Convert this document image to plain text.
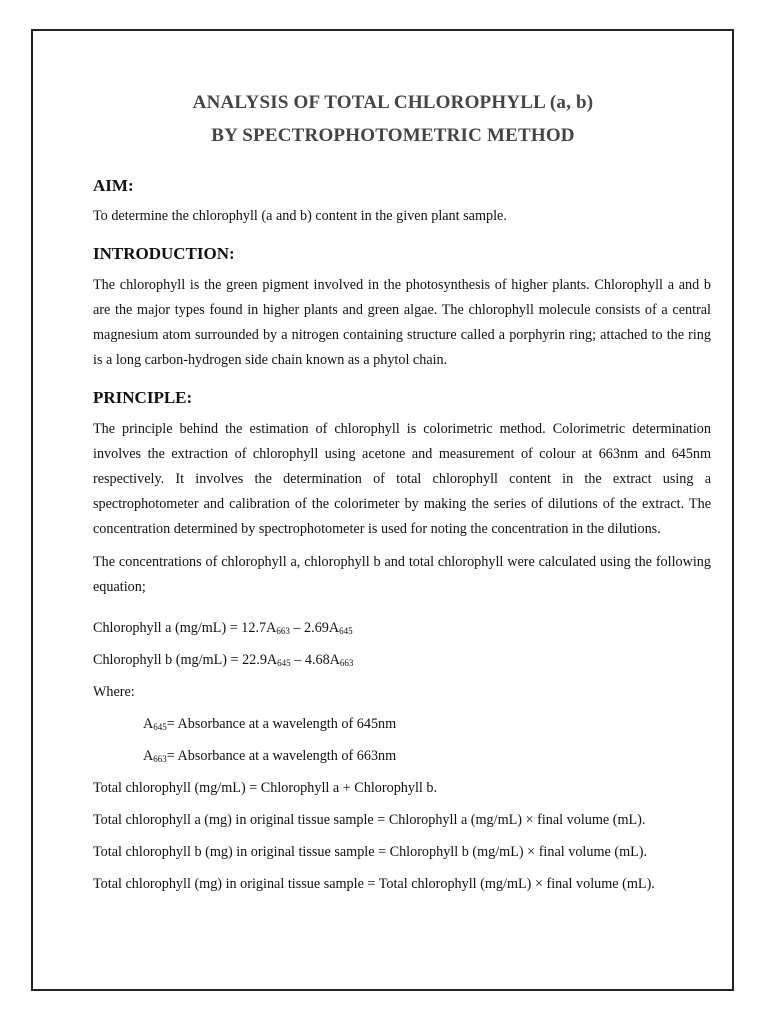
ANALYSIS OF TOTAL CHLOROPHYLL (a, b)
BY SPECTROPHOTOMETRIC METHOD
AIM:

To determine the chlorophyll (a and b) content in the given plant sample.

INTRODUCTION:

The chlorophyll is the green pigment involved in the photosynthesis of higher plants. Chlorophyll a and b are the major types found in higher plants and green algae. The chlorophyll molecule consists of a central magnesium atom surrounded by a nitrogen containing structure called a porphyrin ring; attached to the ring is a long carbon-hydrogen side chain known as a phytol chain.

PRINCIPLE:

The principle behind the estimation of chlorophyll is colorimetric method. Colorimetric determination involves the extraction of chlorophyll using acetone and measurement of colour at 663nm and 645nm respectively. It involves the determination of total chlorophyll content in the extract using a spectrophotometer and calibration of the colorimeter by making the series of dilutions of the extract. The concentration determined by spectrophotometer is used for noting the concentration in the dilutions.

The concentrations of chlorophyll a, chlorophyll b and total chlorophyll were calculated using the following equation;

Chlorophyll a $(mg/mL) = 12.7A_{663} - 2.69A_{645}$
Chlorophyll b $(mg/mL) = 22.9A_{645} - 4.68A_{663}$
Where:
$A_{645}=$ Absorbance at a wavelength of 645nm
$A_{663}=$ Absorbance at a wavelength of 663nm
Total chlorophyll (mg/mL) = Chlorophyll a + Chlorophyll b.
Total chlorophyll a (mg) in original tissue sample = Chlorophyll a (mg/mL) × final volume (mL).
Total chlorophyll b (mg) in original tissue sample = Chlorophyll b (mg/mL) × final volume (mL).
Total chlorophyll (mg) in original tissue sample = Total chlorophyll (mg/mL) × final volume (mL).
